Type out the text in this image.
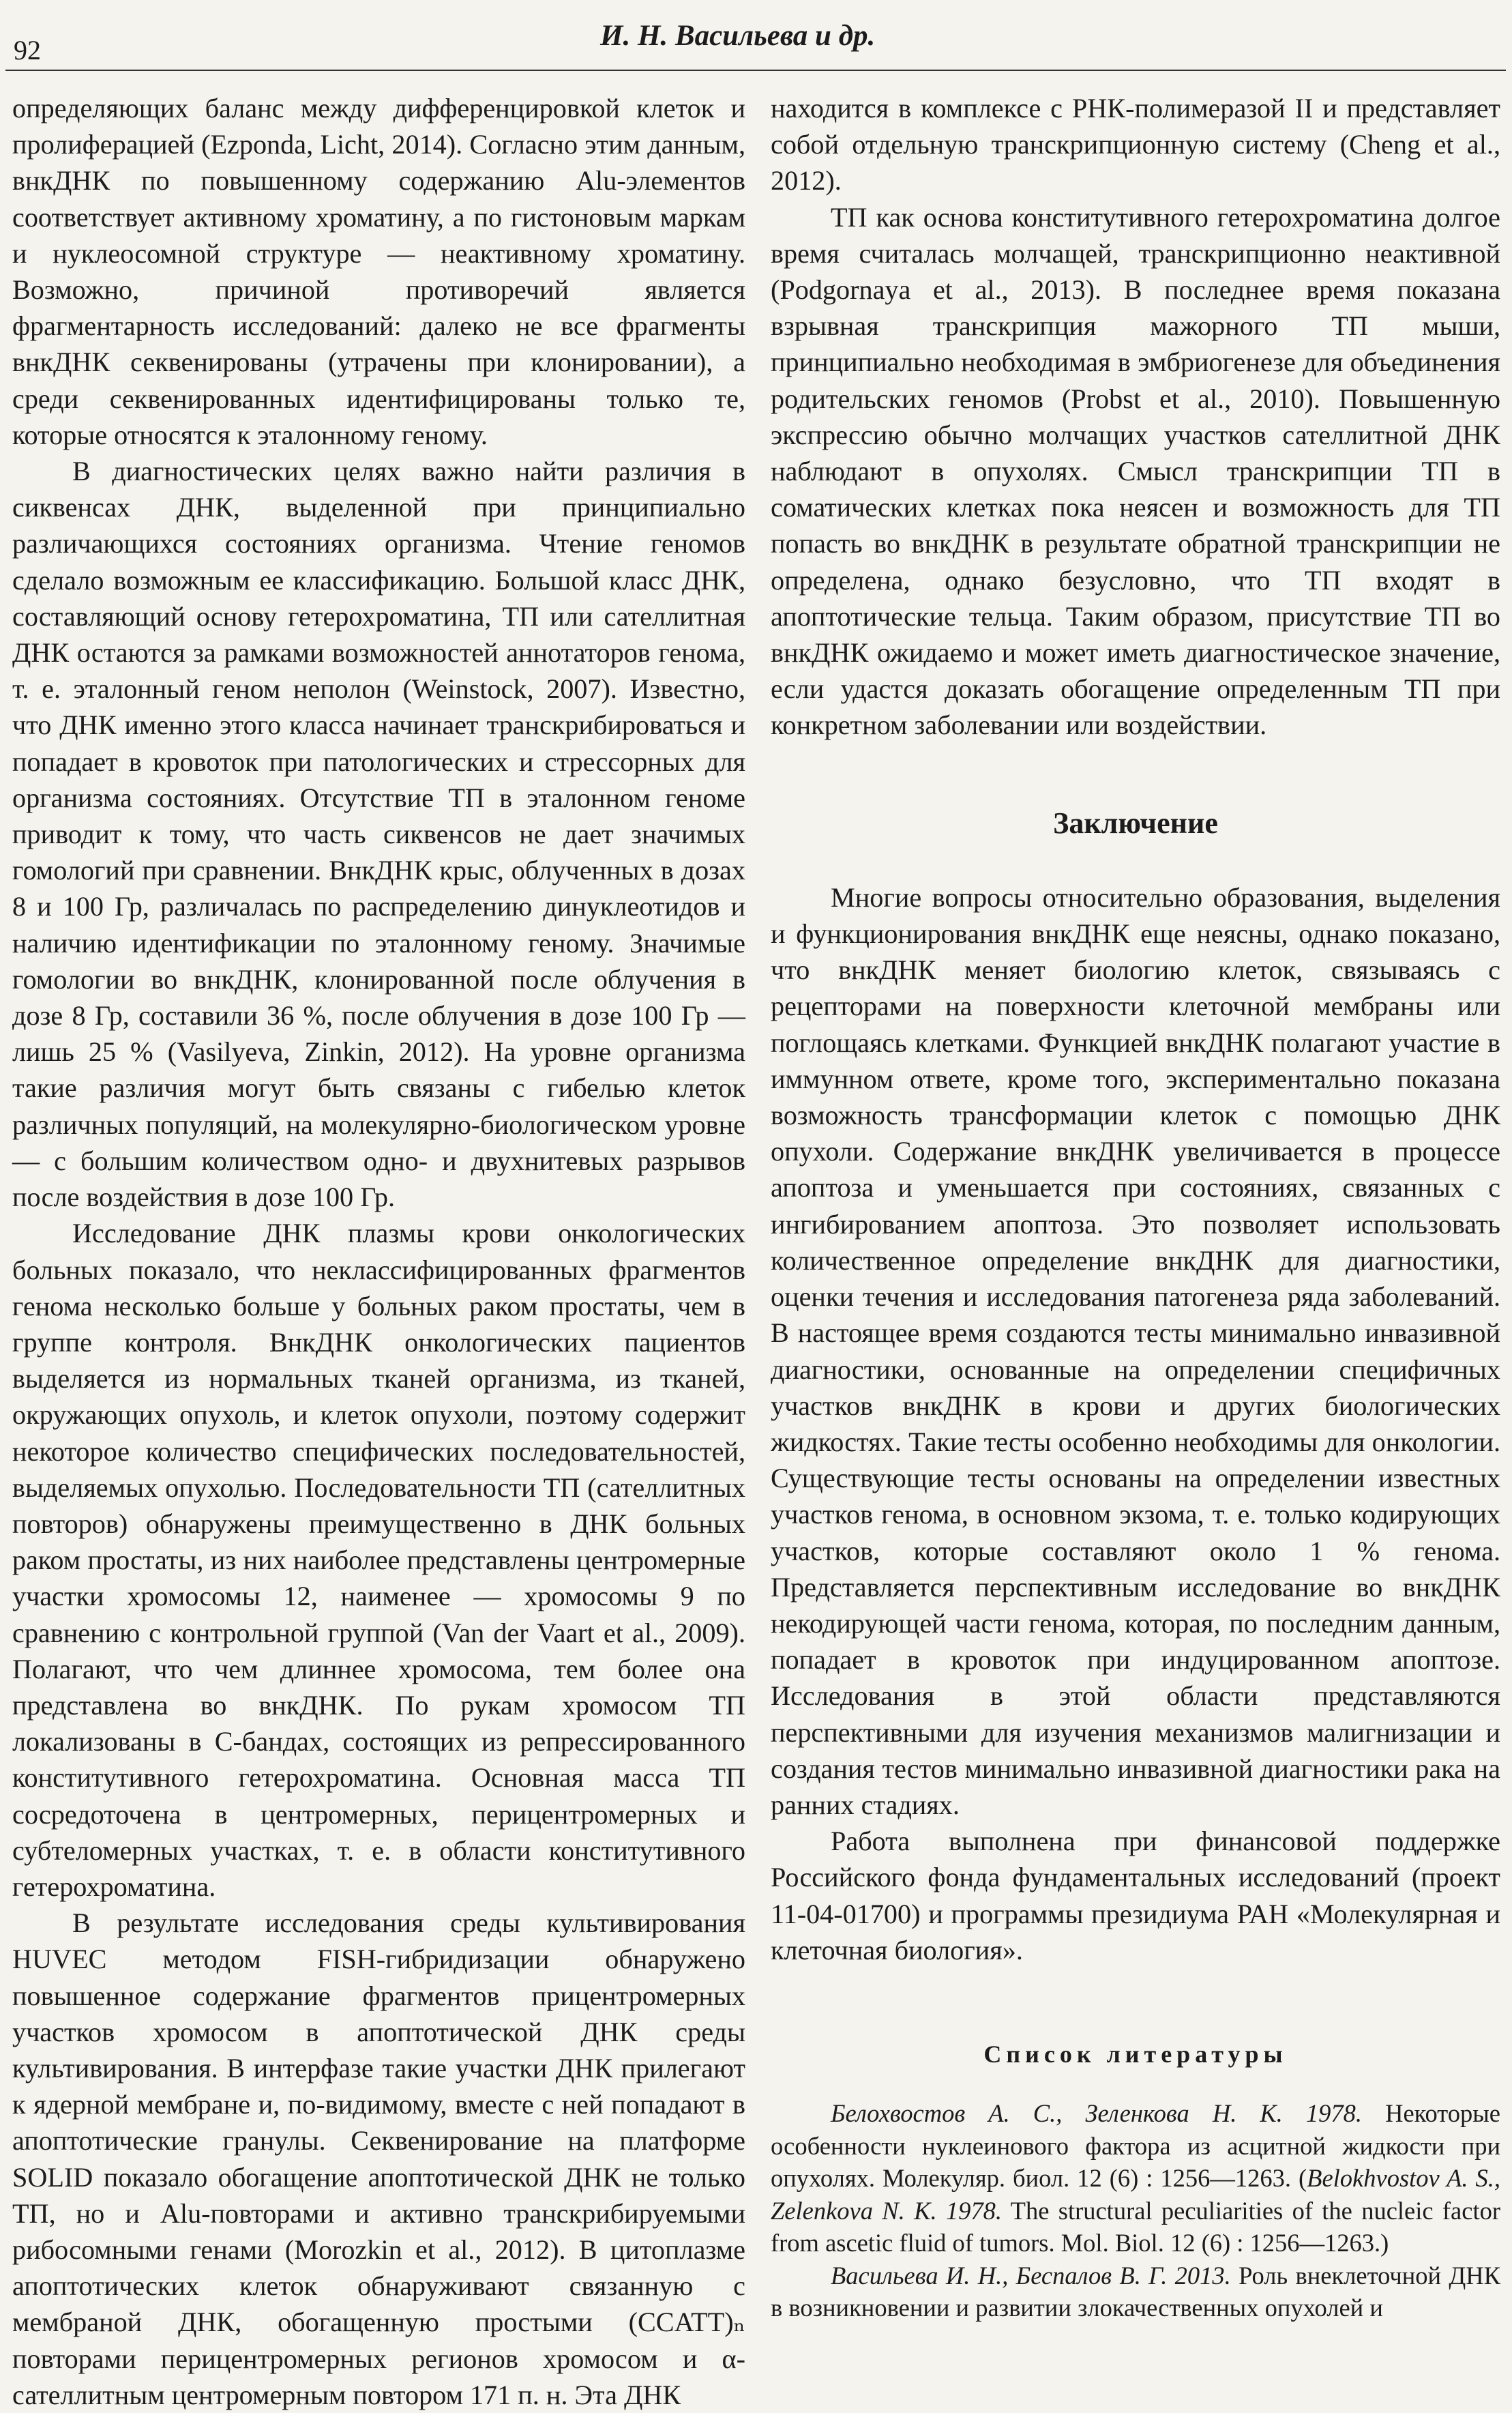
92	И. Н. Васильева и др.

определяющих баланс между дифференцировкой клеток и пролиферацией (Ezponda, Licht, 2014). Согласно этим данным, внкДНК по повышенному содержанию Alu-элементов соответствует активному хроматину, а по гистоновым маркам и нуклеосомной структуре — неактивному хроматину. Возможно, причиной противоречий является фрагментарность исследований: далеко не все фрагменты внкДНК секвенированы (утрачены при клонировании), а среди секвенированных идентифицированы только те, которые относятся к эталонному геному.

В диагностических целях важно найти различия в сиквенсах ДНК, выделенной при принципиально различающихся состояниях организма. Чтение геномов сделало возможным ее классификацию. Большой класс ДНК, составляющий основу гетерохроматина, ТП или сателлитная ДНК остаются за рамками возможностей аннотаторов генома, т. е. эталонный геном неполон (Weinstock, 2007). Известно, что ДНК именно этого класса начинает транскрибироваться и попадает в кровоток при патологических и стрессорных для организма состояниях. Отсутствие ТП в эталонном геноме приводит к тому, что часть сиквенсов не дает значимых гомологий при сравнении. ВнкДНК крыс, облученных в дозах 8 и 100 Гр, различалась по распределению динуклеотидов и наличию идентификации по эталонному геному. Значимые гомологии во внкДНК, клонированной после облучения в дозе 8 Гр, составили 36 %, после облучения в дозе 100 Гр — лишь 25 % (Vasilyeva, Zinkin, 2012). На уровне организма такие различия могут быть связаны с гибелью клеток различных популяций, на молекулярно-биологическом уровне — с большим количеством одно- и двухнитевых разрывов после воздействия в дозе 100 Гр.

Исследование ДНК плазмы крови онкологических больных показало, что неклассифицированных фрагментов генома несколько больше у больных раком простаты, чем в группе контроля. ВнкДНК онкологических пациентов выделяется из нормальных тканей организма, из тканей, окружающих опухоль, и клеток опухоли, поэтому содержит некоторое количество специфических последовательностей, выделяемых опухолью. Последовательности ТП (сателлитных повторов) обнаружены преимущественно в ДНК больных раком простаты, из них наиболее представлены центромерные участки хромосомы 12, наименее — хромосомы 9 по сравнению с контрольной группой (Van der Vaart et al., 2009). Полагают, что чем длиннее хромосома, тем более она представлена во внкДНК. По рукам хромосом ТП локализованы в C-бандах, состоящих из репрессированного конститутивного гетерохроматина. Основная масса ТП сосредоточена в центромерных, перицентромерных и субтеломерных участках, т. е. в области конститутивного гетерохроматина.

В результате исследования среды культивирования HUVEC методом FISH-гибридизации обнаружено повышенное содержание фрагментов прицентромерных участков хромосом в апоптотической ДНК среды культивирования. В интерфазе такие участки ДНК прилегают к ядерной мембране и, по-видимому, вместе с ней попадают в апоптотические гранулы. Секвенирование на платформе SOLID показало обогащение апоптотической ДНК не только ТП, но и Alu-повторами и активно транскрибируемыми рибосомными генами (Morozkin et al., 2012). В цитоплазме апоптотических клеток обнаруживают связанную с мембраной ДНК, обогащенную простыми (CCATT)ₙ повторами перицентромерных регионов хромосом и α-сателлитным центромерным повтором 171 п. н. Эта ДНК

находится в комплексе с РНК-полимеразой II и представляет собой отдельную транскрипционную систему (Cheng et al., 2012).

ТП как основа конститутивного гетерохроматина долгое время считалась молчащей, транскрипционно неактивной (Podgornaya et al., 2013). В последнее время показана взрывная транскрипция мажорного ТП мыши, принципиально необходимая в эмбриогенезе для объединения родительских геномов (Probst et al., 2010). Повышенную экспрессию обычно молчащих участков сателлитной ДНК наблюдают в опухолях. Смысл транскрипции ТП в соматических клетках пока неясен и возможность для ТП попасть во внкДНК в результате обратной транскрипции не определена, однако безусловно, что ТП входят в апоптотические тельца. Таким образом, присутствие ТП во внкДНК ожидаемо и может иметь диагностическое значение, если удастся доказать обогащение определенным ТП при конкретном заболевании или воздействии.

Заключение

Многие вопросы относительно образования, выделения и функционирования внкДНК еще неясны, однако показано, что внкДНК меняет биологию клеток, связываясь с рецепторами на поверхности клеточной мембраны или поглощаясь клетками. Функцией внкДНК полагают участие в иммунном ответе, кроме того, экспериментально показана возможность трансформации клеток с помощью ДНК опухоли. Содержание внкДНК увеличивается в процессе апоптоза и уменьшается при состояниях, связанных с ингибированием апоптоза. Это позволяет использовать количественное определение внкДНК для диагностики, оценки течения и исследования патогенеза ряда заболеваний. В настоящее время создаются тесты минимально инвазивной диагностики, основанные на определении специфичных участков внкДНК в крови и других биологических жидкостях. Такие тесты особенно необходимы для онкологии. Существующие тесты основаны на определении известных участков генома, в основном экзома, т. е. только кодирующих участков, которые составляют около 1 % генома. Представляется перспективным исследование во внкДНК некодирующей части генома, которая, по последним данным, попадает в кровоток при индуцированном апоптозе. Исследования в этой области представляются перспективными для изучения механизмов малигнизации и создания тестов минимально инвазивной диагностики рака на ранних стадиях.

Работа выполнена при финансовой поддержке Российского фонда фундаментальных исследований (проект 11-04-01700) и программы президиума РАН «Молекулярная и клеточная биология».

Список литературы

Белохвостов А. С., Зеленкова Н. К. 1978. Некоторые особенности нуклеинового фактора из асцитной жидкости при опухолях. Молекуляр. биол. 12 (6) : 1256—1263. (Belokhvostov A. S., Zelenkova N. K. 1978. The structural peculiarities of the nucleic factor from ascetic fluid of tumors. Mol. Biol. 12 (6) : 1256—1263.)

Васильева И. Н., Беспалов В. Г. 2013. Роль внеклеточной ДНК в возникновении и развитии злокачественных опухолей и
